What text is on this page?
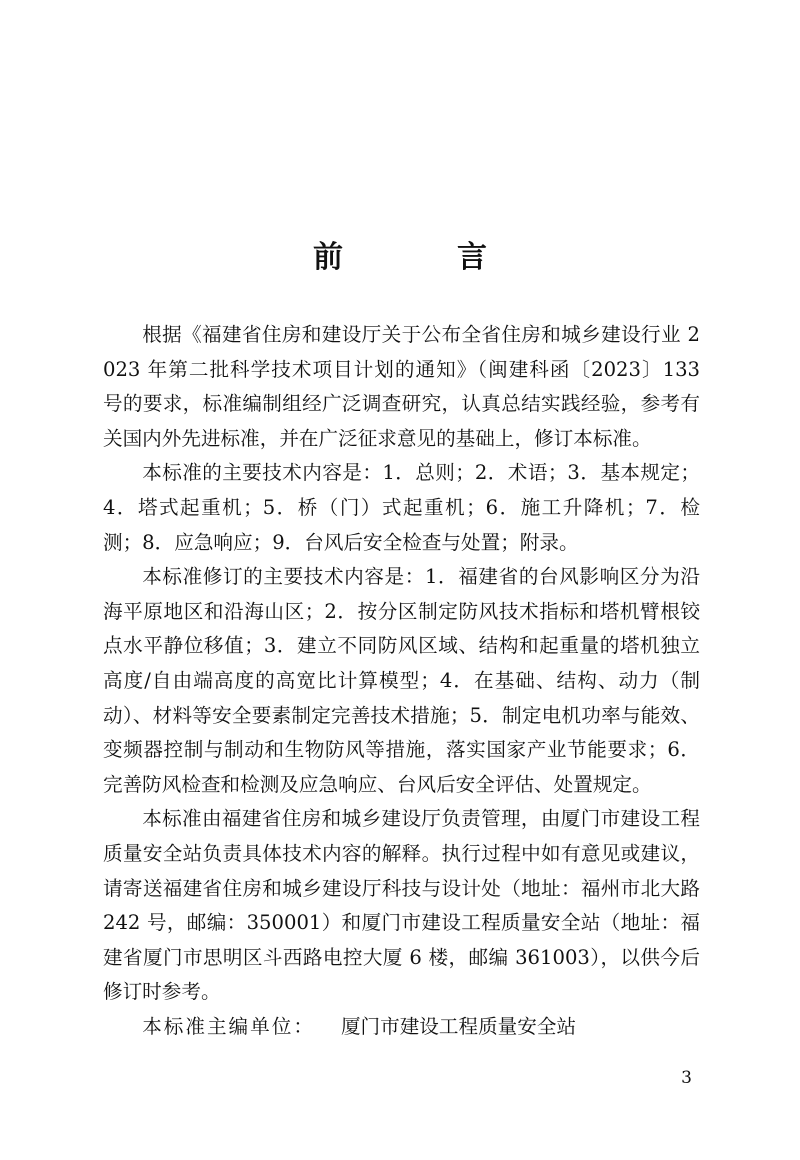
前　言

根据《福建省住房和建设厅关于公布全省住房和城乡建设行业 2023 年第二批科学技术项目计划的通知》（闽建科函〔2023〕133 号的要求，标准编制组经广泛调查研究，认真总结实践经验，参考有关国内外先进标准，并在广泛征求意见的基础上，修订本标准。

本标准的主要技术内容是：1．总则；2．术语；3．基本规定；4．塔式起重机；5．桥（门）式起重机；6．施工升降机；7．检测；8．应急响应；9．台风后安全检查与处置；附录。

本标准修订的主要技术内容是：1．福建省的台风影响区分为沿海平原地区和沿海山区；2．按分区制定防风技术指标和塔机臂根铰点水平静位移值；3．建立不同防风区域、结构和起重量的塔机独立高度/自由端高度的高宽比计算模型；4．在基础、结构、动力（制动）、材料等安全要素制定完善技术措施；5．制定电机功率与能效、变频器控制与制动和生物防风等措施，落实国家产业节能要求；6．完善防风检查和检测及应急响应、台风后安全评估、处置规定。

本标准由福建省住房和城乡建设厅负责管理，由厦门市建设工程质量安全站负责具体技术内容的解释。执行过程中如有意见或建议，请寄送福建省住房和城乡建设厅科技与设计处（地址：福州市北大路 242 号，邮编：350001）和厦门市建设工程质量安全站（地址：福建省厦门市思明区斗西路电控大厦 6 楼，邮编 361003），以供今后修订时参考。

本标准主编单位： 厦门市建设工程质量安全站

3
